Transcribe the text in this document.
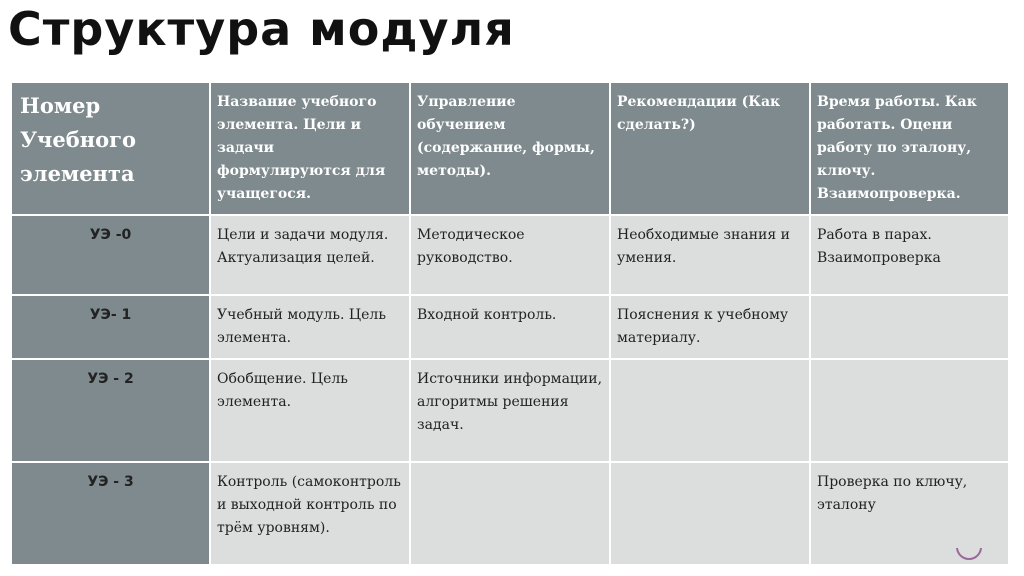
Структура модуля
Номер Учебного элемента	Название учебного элемента. Цели и задачи формулируются для учащегося.	Управление обучением (содержание, формы, методы).	Рекомендации (Как сделать?)	Время работы. Как работать. Оцени работу по эталону, ключу. Взаимопроверка.
УЭ -0	Цели и задачи модуля. Актуализация целей.	Методическое руководство.	Необходимые знания и умения.	Работа в парах. Взаимопроверка
УЭ- 1	Учебный модуль. Цель элемента.	Входной контроль.	Пояснения к учебному материалу.	
УЭ - 2	Обобщение. Цель элемента.	Источники информации, алгоритмы решения задач.		
УЭ - 3	Контроль (самоконтроль и выходной контроль по трём уровням).			Проверка по ключу, эталону
